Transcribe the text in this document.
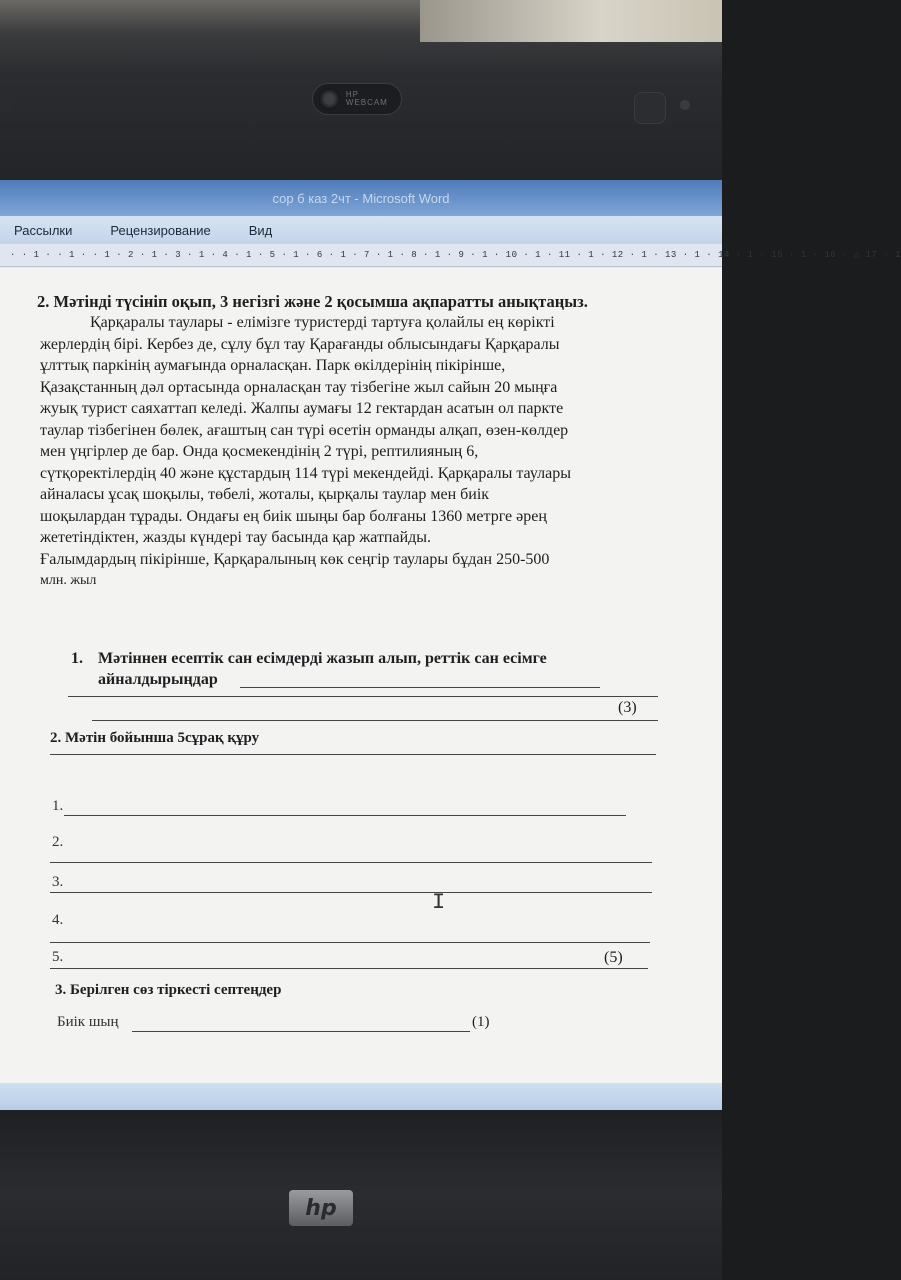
HP WEBCAM
сор б каз 2чт - Microsoft Word
Рассылки	Рецензирование	Вид
· · 1 · · 1 · · 1 · 2 · 1 · 3 · 1 · 4 · 1 · 5 · 1 · 6 · 1 · 7 · 1 · 8 · 1 · 9 · 1 · 10 · 1 · 11 · 1 · 12 · 1 · 13 · 1 · 14 · 1 · 15 · 1 · 16 · △ 17 · 1
2. Мәтінді түсініп оқып, 3 негізгі және 2 қосымша ақпаратты анықтаңыз.

Қарқаралы таулары - елімізге туристерді тартуға қолайлы ең көрікті
жерлердің бірі. Кербез де, сұлу бұл тау Қарағанды облысындағы Қарқаралы
ұлттық паркінің аумағында орналасқан. Парк өкілдерінің пікірінше,
Қазақстанның дәл ортасында орналасқан тау тізбегіне жыл сайын 20 мыңға
жуық турист саяхаттап келеді. Жалпы аумағы 12 гектардан асатын ол паркте
таулар тізбегінен бөлек, ағаштың сан түрі өсетін орманды алқап, өзен-көлдер
мен үңгірлер де бар. Онда қосмекендінің 2 түрі, рептилияның 6,
сүтқоректілердің 40 және құстардың 114 түрі мекендейді. Қарқаралы таулары
айналасы ұсақ шоқылы, төбелі, жоталы, қырқалы таулар мен биік
шоқылардан тұрады. Ондағы ең биік шыңы бар болғаны 1360 метрге әрең
жететіндіктен, жазды күндері тау басында қар жатпайды.
Ғалымдардың пікірінше, Қарқаралының көк сеңгір таулары бұдан 250-500
млн. жыл

1. Мәтіннен есептік сан есімдерді жазып алып, реттік сан есімге
айналдырыңдар
(3)
2. Мәтін бойынша 5сұрақ құру
1.
2.
3.
4.
5.	(5)
3. Берілген сөз тіркесті септеңдер
Биік шың	(1)
I
hp
